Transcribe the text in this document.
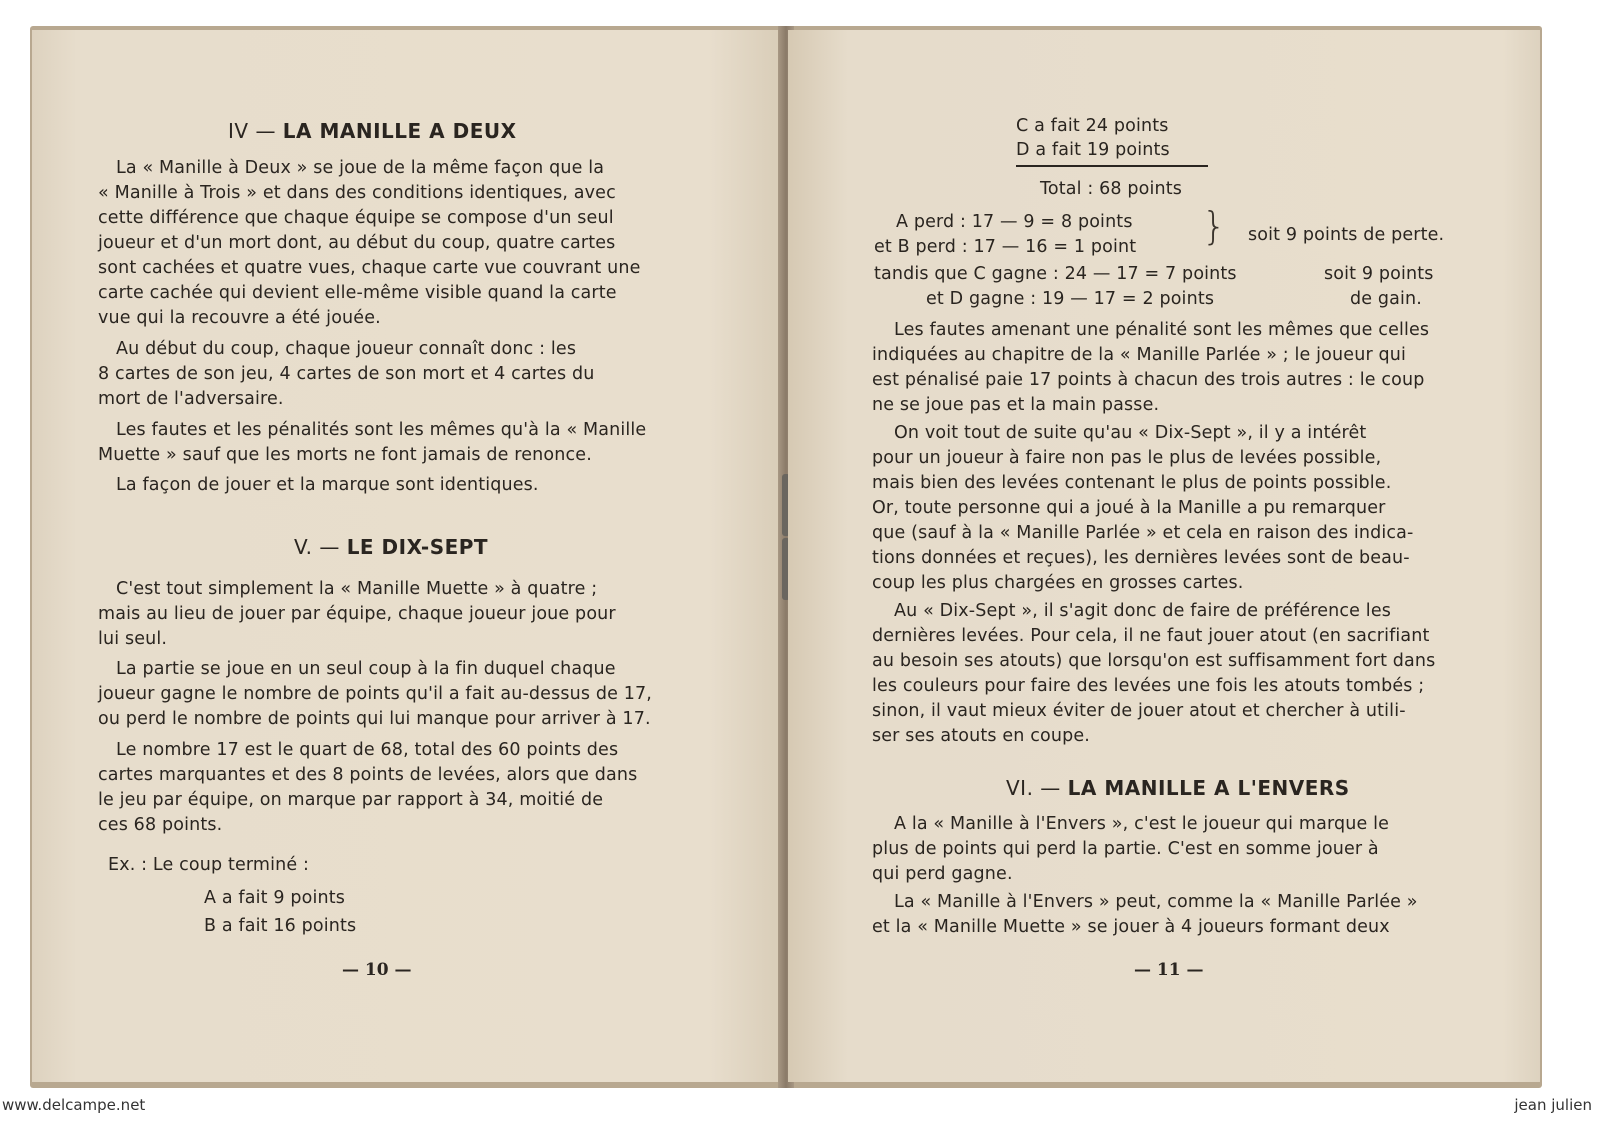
IV — LA MANILLE A DEUX
La « Manille à Deux » se joue de la même façon que la
« Manille à Trois » et dans des conditions identiques, avec
cette différence que chaque équipe se compose d'un seul
joueur et d'un mort dont, au début du coup, quatre cartes
sont cachées et quatre vues, chaque carte vue couvrant une
carte cachée qui devient elle-même visible quand la carte
vue qui la recouvre a été jouée.
Au début du coup, chaque joueur connaît donc : les
8 cartes de son jeu, 4 cartes de son mort et 4 cartes du
mort de l'adversaire.
Les fautes et les pénalités sont les mêmes qu'à la « Manille
Muette » sauf que les morts ne font jamais de renonce.
La façon de jouer et la marque sont identiques.
V. — LE DIX-SEPT
C'est tout simplement la « Manille Muette » à quatre ;
mais au lieu de jouer par équipe, chaque joueur joue pour
lui seul.
La partie se joue en un seul coup à la fin duquel chaque
joueur gagne le nombre de points qu'il a fait au-dessus de 17,
ou perd le nombre de points qui lui manque pour arriver à 17.
Le nombre 17 est le quart de 68, total des 60 points des
cartes marquantes et des 8 points de levées, alors que dans
le jeu par équipe, on marque par rapport à 34, moitié de
ces 68 points.
Ex. : Le coup terminé :
A a fait 9 points
B a fait 16 points
— 10 —
C a fait 24 points
D a fait 19 points
Total : 68 points
A perd : 17 — 9 = 8 points
et B perd : 17 — 16 = 1 point } soit 9 points de perte.
tandis que C gagne : 24 — 17 = 7 points	soit 9 points
et D gagne : 19 — 17 = 2 points	de gain.
Les fautes amenant une pénalité sont les mêmes que celles
indiquées au chapitre de la « Manille Parlée » ; le joueur qui
est pénalisé paie 17 points à chacun des trois autres : le coup
ne se joue pas et la main passe.
On voit tout de suite qu'au « Dix-Sept », il y a intérêt
pour un joueur à faire non pas le plus de levées possible,
mais bien des levées contenant le plus de points possible.
Or, toute personne qui a joué à la Manille a pu remarquer
que (sauf à la « Manille Parlée » et cela en raison des indica-
tions données et reçues), les dernières levées sont de beau-
coup les plus chargées en grosses cartes.
Au « Dix-Sept », il s'agit donc de faire de préférence les
dernières levées. Pour cela, il ne faut jouer atout (en sacrifiant
au besoin ses atouts) que lorsqu'on est suffisamment fort dans
les couleurs pour faire des levées une fois les atouts tombés ;
sinon, il vaut mieux éviter de jouer atout et chercher à utili-
ser ses atouts en coupe.
VI. — LA MANILLE A L'ENVERS
A la « Manille à l'Envers », c'est le joueur qui marque le
plus de points qui perd la partie. C'est en somme jouer à
qui perd gagne.
La « Manille à l'Envers » peut, comme la « Manille Parlée »
et la « Manille Muette » se jouer à 4 joueurs formant deux
— 11 —
www.delcampe.net	jean julien
